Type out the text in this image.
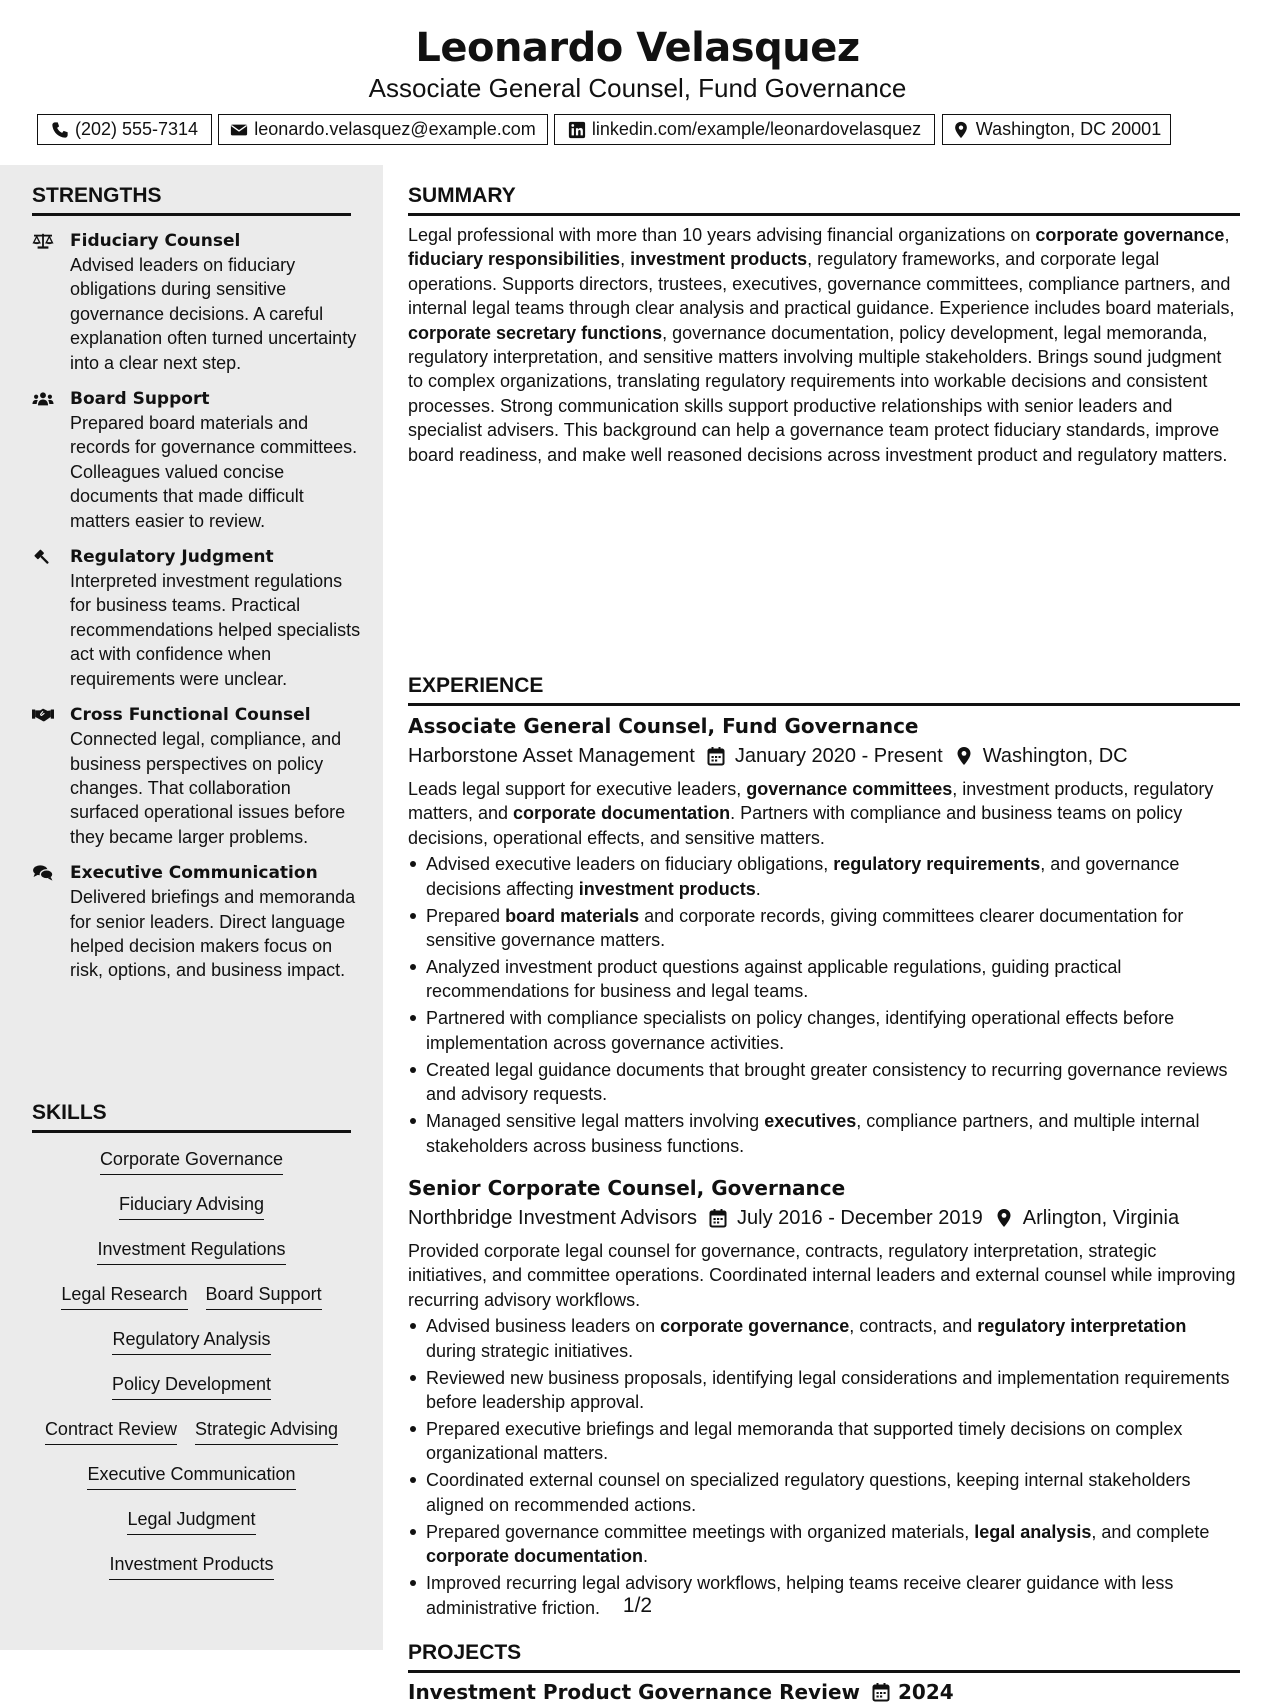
Leonardo Velasquez
Associate General Counsel, Fund Governance
(202) 555-7314	leonardo.velasquez@example.com	linkedin.com/example/leonardovelasquez	Washington, DC 20001
STRENGTHS
Fiduciary Counsel
Advised leaders on fiduciary obligations during sensitive governance decisions. A careful explanation often turned uncertainty into a clear next step.
Board Support
Prepared board materials and records for governance committees. Colleagues valued concise documents that made difficult matters easier to review.
Regulatory Judgment
Interpreted investment regulations for business teams. Practical recommendations helped specialists act with confidence when requirements were unclear.
Cross Functional Counsel
Connected legal, compliance, and business perspectives on policy changes. That collaboration surfaced operational issues before they became larger problems.
Executive Communication
Delivered briefings and memoranda for senior leaders. Direct language helped decision makers focus on risk, options, and business impact.
SKILLS
Corporate Governance
Fiduciary Advising
Investment Regulations
Legal Research Board Support
Regulatory Analysis
Policy Development
Contract Review Strategic Advising
Executive Communication
Legal Judgment
Investment Products
SUMMARY
Legal professional with more than 10 years advising financial organizations on corporate governance, fiduciary responsibilities, investment products, regulatory frameworks, and corporate legal operations. Supports directors, trustees, executives, governance committees, compliance partners, and internal legal teams through clear analysis and practical guidance. Experience includes board materials, corporate secretary functions, governance documentation, policy development, legal memoranda, regulatory interpretation, and sensitive matters involving multiple stakeholders. Brings sound judgment to complex organizations, translating regulatory requirements into workable decisions and consistent processes. Strong communication skills support productive relationships with senior leaders and specialist advisers. This background can help a governance team protect fiduciary standards, improve board readiness, and make well reasoned decisions across investment product and regulatory matters.
EXPERIENCE
Associate General Counsel, Fund Governance
Harborstone Asset Management January 2020 - Present Washington, DC
Leads legal support for executive leaders, governance committees, investment products, regulatory matters, and corporate documentation. Partners with compliance and business teams on policy decisions, operational effects, and sensitive matters.
Advised executive leaders on fiduciary obligations, regulatory requirements, and governance decisions affecting investment products.
Prepared board materials and corporate records, giving committees clearer documentation for sensitive governance matters.
Analyzed investment product questions against applicable regulations, guiding practical recommendations for business and legal teams.
Partnered with compliance specialists on policy changes, identifying operational effects before implementation across governance activities.
Created legal guidance documents that brought greater consistency to recurring governance reviews and advisory requests.
Managed sensitive legal matters involving executives, compliance partners, and multiple internal stakeholders across business functions.
Senior Corporate Counsel, Governance
Northbridge Investment Advisors July 2016 - December 2019 Arlington, Virginia
Provided corporate legal counsel for governance, contracts, regulatory interpretation, strategic initiatives, and committee operations. Coordinated internal leaders and external counsel while improving recurring advisory workflows.
Advised business leaders on corporate governance, contracts, and regulatory interpretation during strategic initiatives.
Reviewed new business proposals, identifying legal considerations and implementation requirements before leadership approval.
Prepared executive briefings and legal memoranda that supported timely decisions on complex organizational matters.
Coordinated external counsel on specialized regulatory questions, keeping internal stakeholders aligned on recommended actions.
Prepared governance committee meetings with organized materials, legal analysis, and complete corporate documentation.
Improved recurring legal advisory workflows, helping teams receive clearer guidance with less administrative friction.
PROJECTS
Investment Product Governance Review 2024
1/2
